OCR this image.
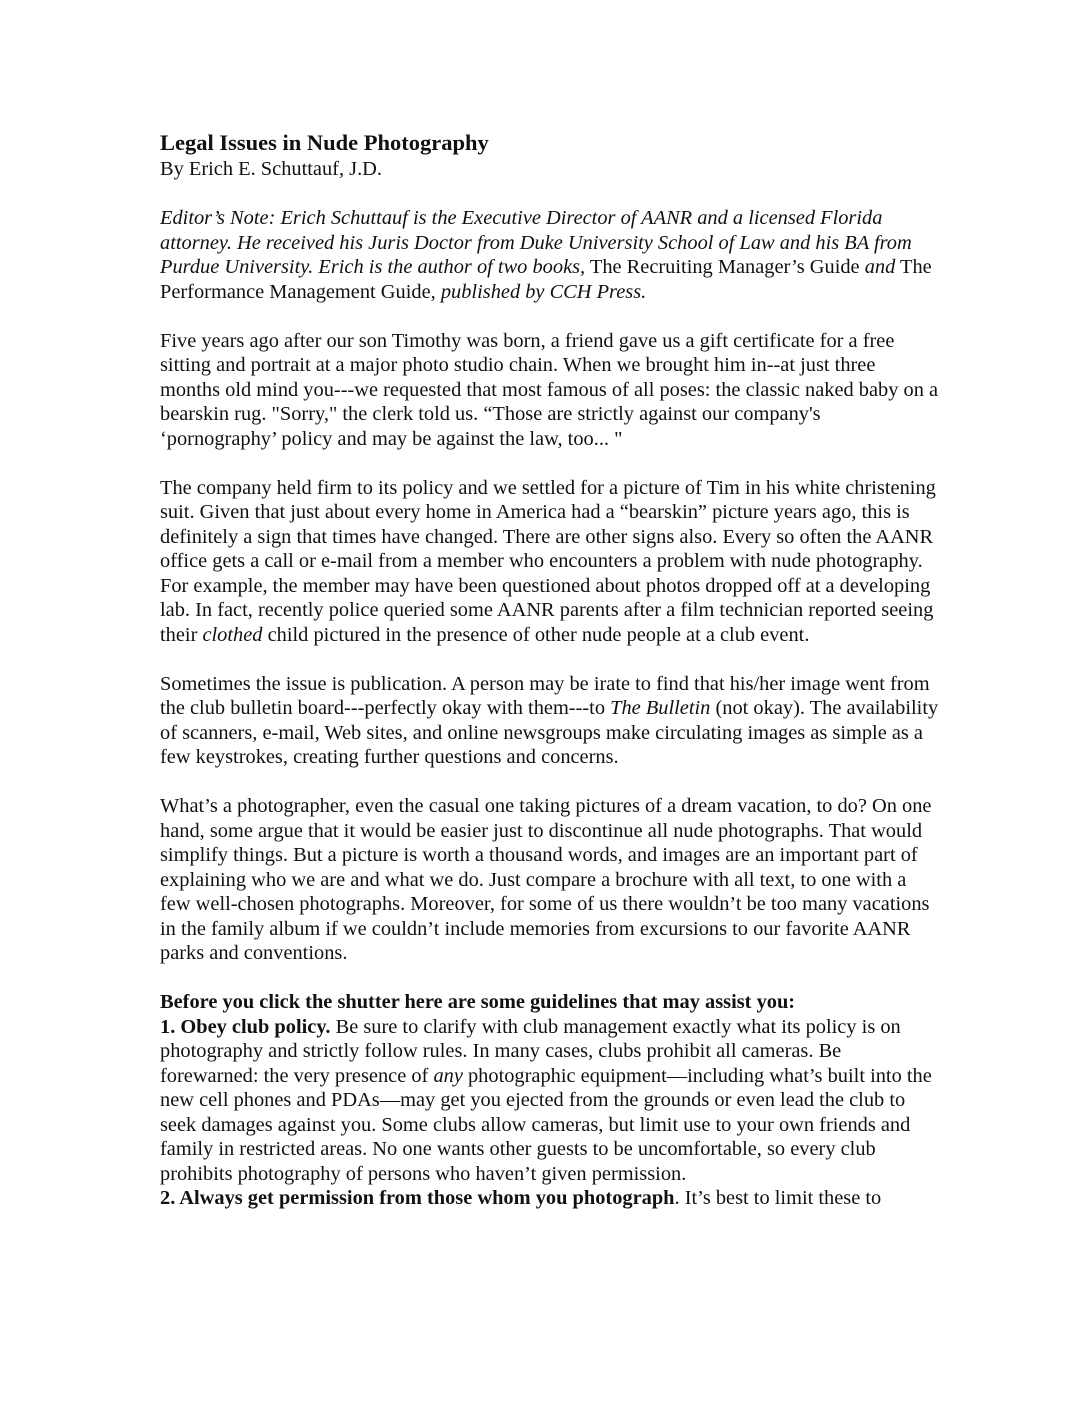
Legal Issues in Nude Photography
By Erich E. Schuttauf, J.D.

Editor’s Note: Erich Schuttauf is the Executive Director of AANR and a licensed Florida attorney. He received his Juris Doctor from Duke University School of Law and his BA from Purdue University. Erich is the author of two books, The Recruiting Manager’s Guide and The Performance Management Guide, published by CCH Press.

Five years ago after our son Timothy was born, a friend gave us a gift certificate for a free sitting and portrait at a major photo studio chain. When we brought him in--at just three months old mind you---we requested that most famous of all poses: the classic naked baby on a bearskin rug. "Sorry," the clerk told us. “Those are strictly against our company's ‘pornography’ policy and may be against the law, too... "

The company held firm to its policy and we settled for a picture of Tim in his white christening suit. Given that just about every home in America had a “bearskin” picture years ago, this is definitely a sign that times have changed. There are other signs also. Every so often the AANR office gets a call or e-mail from a member who encounters a problem with nude photography. For example, the member may have been questioned about photos dropped off at a developing lab. In fact, recently police queried some AANR parents after a film technician reported seeing their clothed child pictured in the presence of other nude people at a club event.

Sometimes the issue is publication. A person may be irate to find that his/her image went from the club bulletin board---perfectly okay with them---to The Bulletin (not okay). The availability of scanners, e-mail, Web sites, and online newsgroups make circulating images as simple as a few keystrokes, creating further questions and concerns.

What’s a photographer, even the casual one taking pictures of a dream vacation, to do? On one hand, some argue that it would be easier just to discontinue all nude photographs. That would simplify things. But a picture is worth a thousand words, and images are an important part of explaining who we are and what we do. Just compare a brochure with all text, to one with a few well-chosen photographs. Moreover, for some of us there wouldn’t be too many vacations in the family album if we couldn’t include memories from excursions to our favorite AANR parks and conventions.

Before you click the shutter here are some guidelines that may assist you:

1. Obey club policy. Be sure to clarify with club management exactly what its policy is on photography and strictly follow rules. In many cases, clubs prohibit all cameras. Be forewarned: the very presence of any photographic equipment—including what’s built into the new cell phones and PDAs—may get you ejected from the grounds or even lead the club to seek damages against you. Some clubs allow cameras, but limit use to your own friends and family in restricted areas. No one wants other guests to be uncomfortable, so every club prohibits photography of persons who haven’t given permission.

2. Always get permission from those whom you photograph. It’s best to limit these to
